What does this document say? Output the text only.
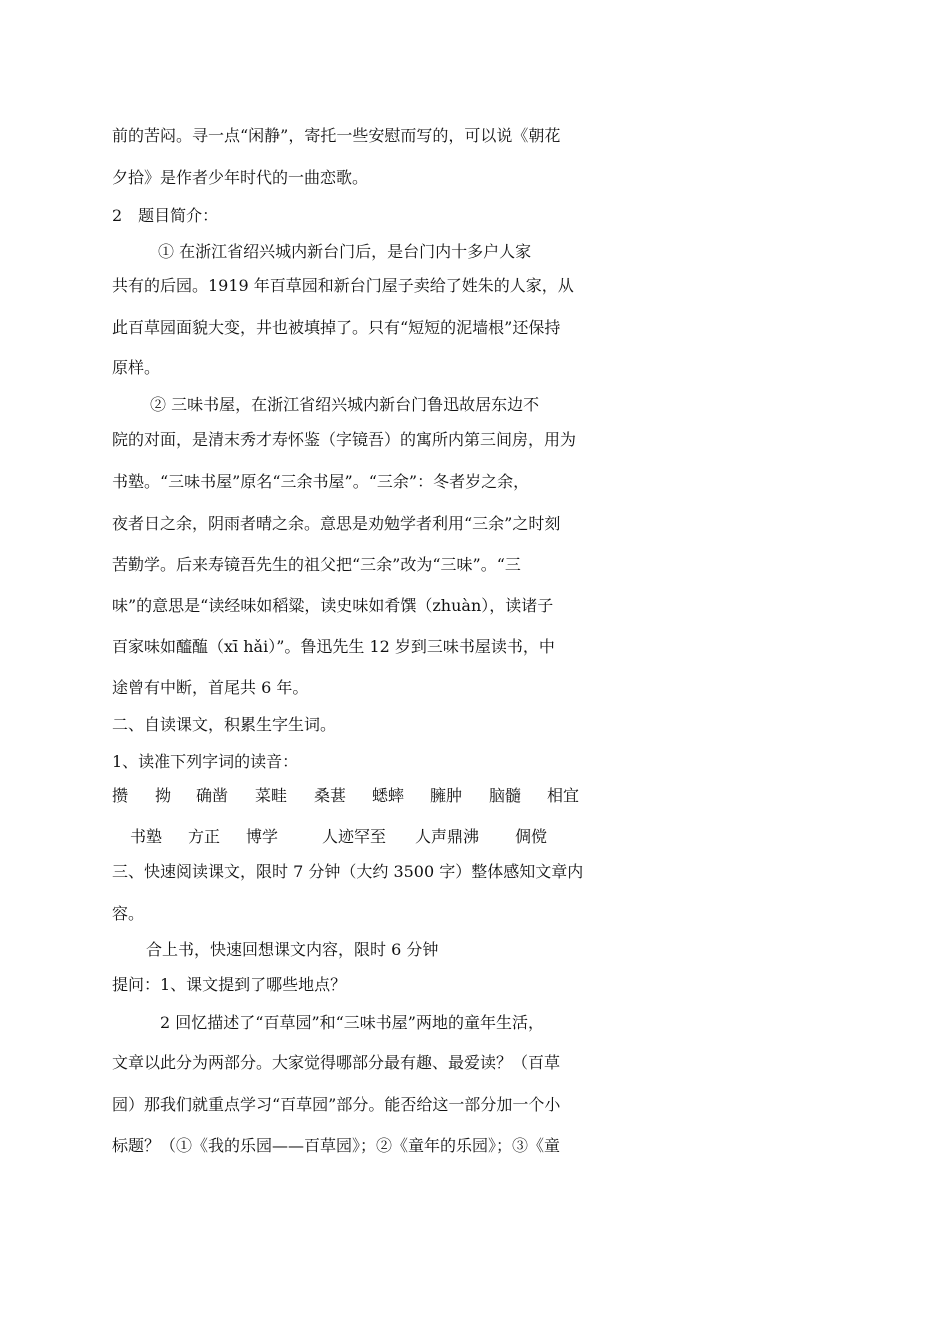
前的苦闷。寻一点“闲静”，寄托一些安慰而写的，可以说《朝花
夕拾》是作者少年时代的一曲恋歌。
2　题目简介：
① 在浙江省绍兴城内新台门后，是台门内十多户人家
共有的后园。1919 年百草园和新台门屋子卖给了姓朱的人家，从
此百草园面貌大变，井也被填掉了。只有“短短的泥墙根”还保持
原样。
② 三味书屋，在浙江省绍兴城内新台门鲁迅故居东边不
院的对面，是清末秀才寿怀鉴（字镜吾）的寓所内第三间房，用为
书塾。“三味书屋”原名“三余书屋”。“三余”：冬者岁之余，
夜者日之余，阴雨者晴之余。意思是劝勉学者利用“三余”之时刻
苦勤学。后来寿镜吾先生的祖父把“三余”改为“三味”。“三
味”的意思是“读经味如稻粱，读史味如肴馔（zhuàn），读诸子
百家味如醯醢（xī hǎi）”。鲁迅先生 12 岁到三味书屋读书，中
途曾有中断，首尾共 6 年。
二、自读课文，积累生字生词。
1、读准下列字词的读音：
攒 拗 确凿 菜畦 桑葚 蟋蟀 臃肿 脑髓 相宜
书塾 方正 博学	人迹罕至 人声鼎沸 倜傥
三、快速阅读课文，限时 7 分钟（大约 3500 字）整体感知文章内
容。
合上书，快速回想课文内容，限时 6 分钟
提问：1、课文提到了哪些地点？
2 回忆描述了“百草园”和“三味书屋”两地的童年生活，
文章以此分为两部分。大家觉得哪部分最有趣、最爱读？（百草
园）那我们就重点学习“百草园”部分。能否给这一部分加一个小
标题？（①《我的乐园——百草园》；②《童年的乐园》；③《童
